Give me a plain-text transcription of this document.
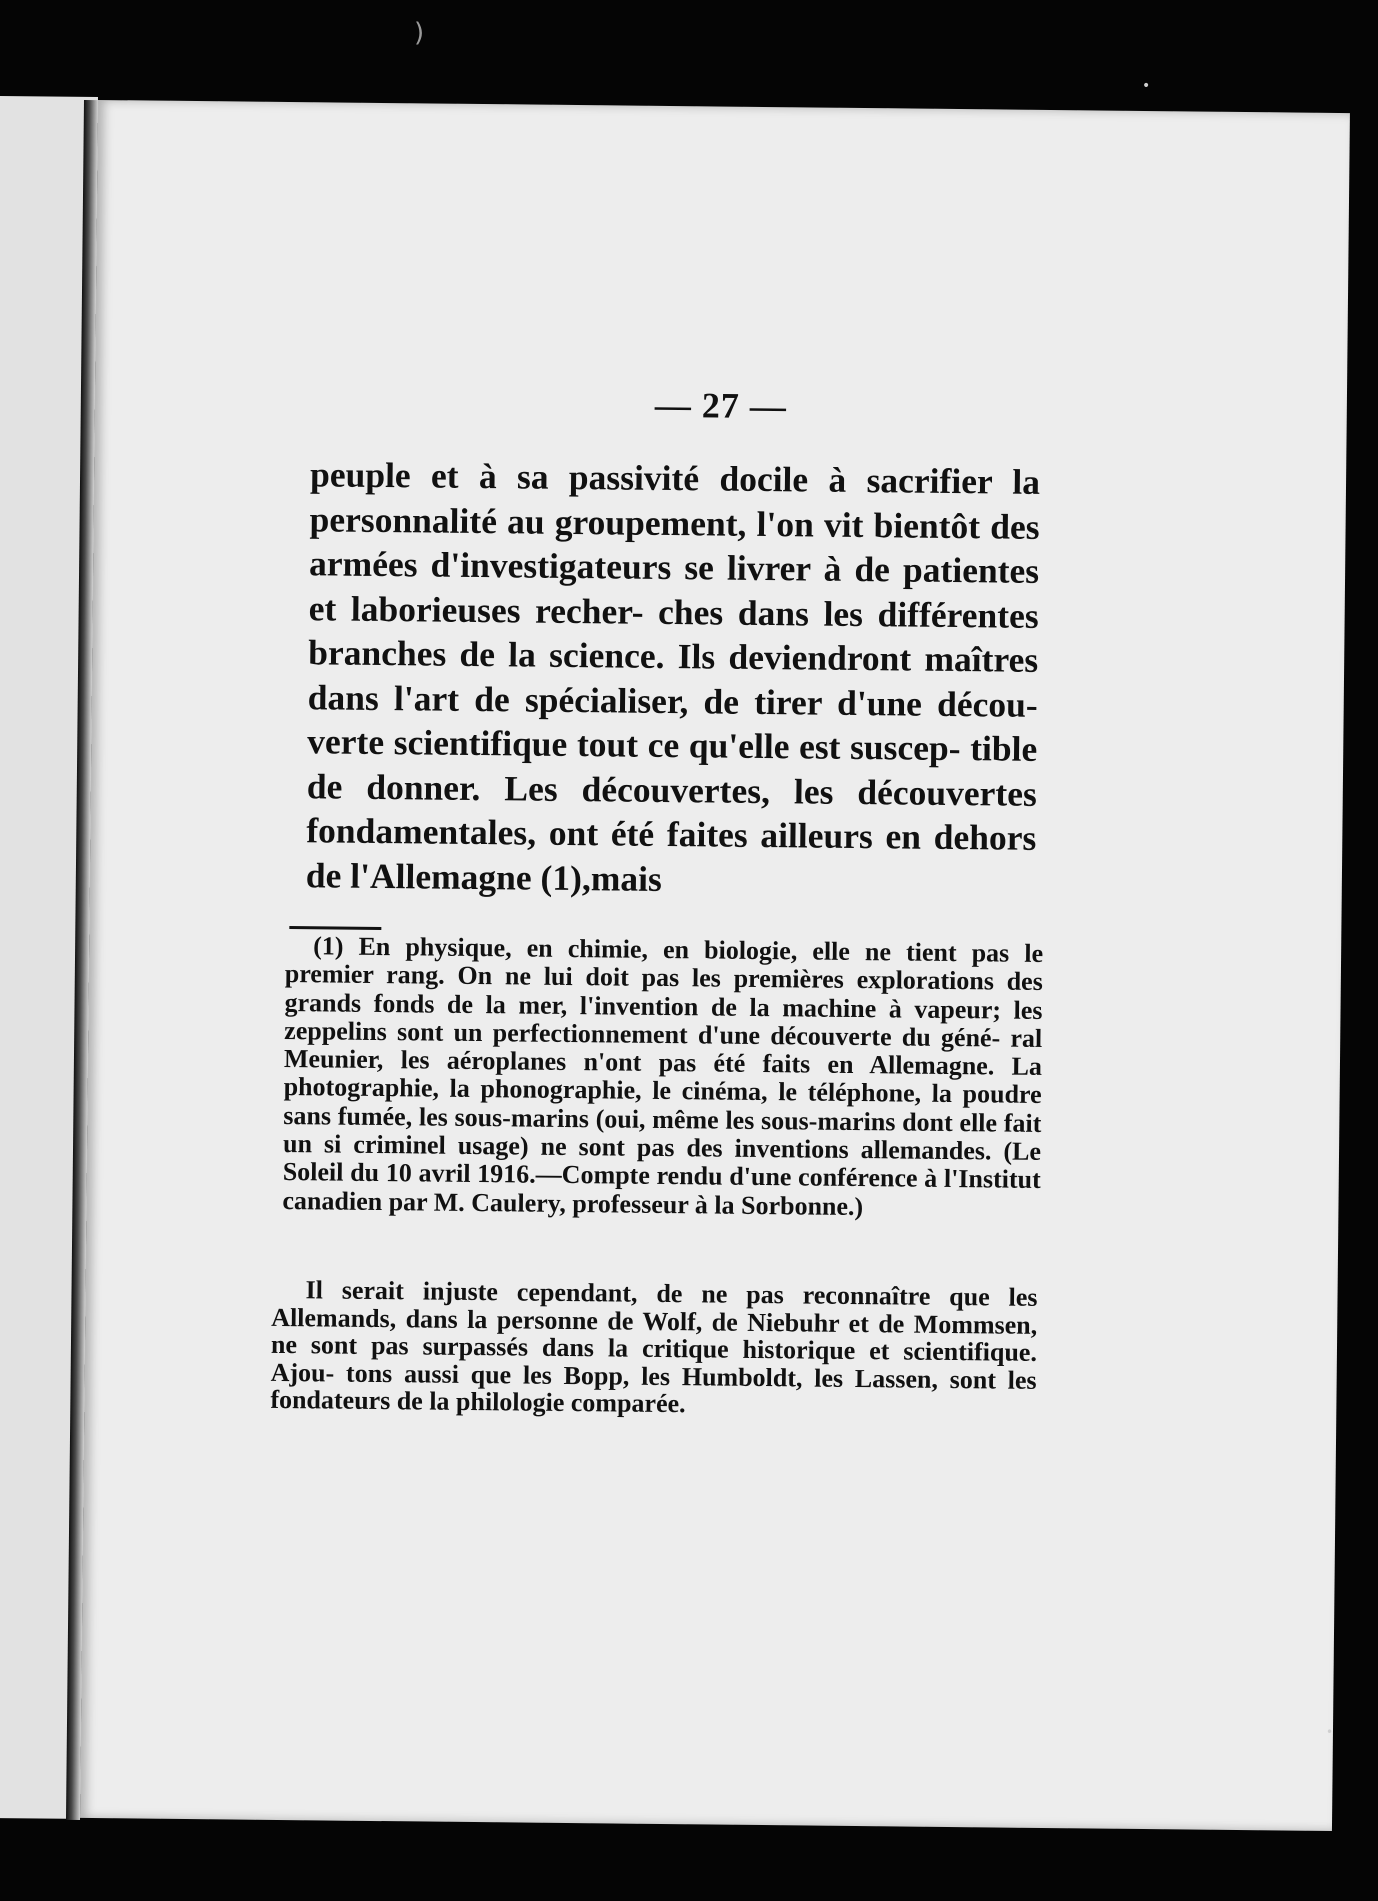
— 27 —

peuple et à sa passivité docile à sacrifier la personnalité au groupement, l'on vit bientôt des armées d'investigateurs se livrer à de patientes et laborieuses recher- ches dans les différentes branches de la science. Ils deviendront maîtres dans l'art de spécialiser, de tirer d'une décou- verte scientifique tout ce qu'elle est suscep- tible de donner. Les découvertes, les découvertes fondamentales, ont été faites ailleurs en dehors de l'Allemagne (1),mais

(1) En physique, en chimie, en biologie, elle ne tient pas le premier rang. On ne lui doit pas les premières explorations des grands fonds de la mer, l'invention de la machine à vapeur; les zeppelins sont un perfectionnement d'une découverte du géné- ral Meunier, les aéroplanes n'ont pas été faits en Allemagne. La photographie, la phonographie, le cinéma, le téléphone, la poudre sans fumée, les sous-marins (oui, même les sous-marins dont elle fait un si criminel usage) ne sont pas des inventions allemandes. (Le Soleil du 10 avril 1916.—Compte rendu d'une conférence à l'Institut canadien par M. Caulery, professeur à la Sorbonne.)

Il serait injuste cependant, de ne pas reconnaître que les Allemands, dans la personne de Wolf, de Niebuhr et de Mommsen, ne sont pas surpassés dans la critique historique et scientifique. Ajou- tons aussi que les Bopp, les Humboldt, les Lassen, sont les fondateurs de la philologie comparée.

)
•
•
